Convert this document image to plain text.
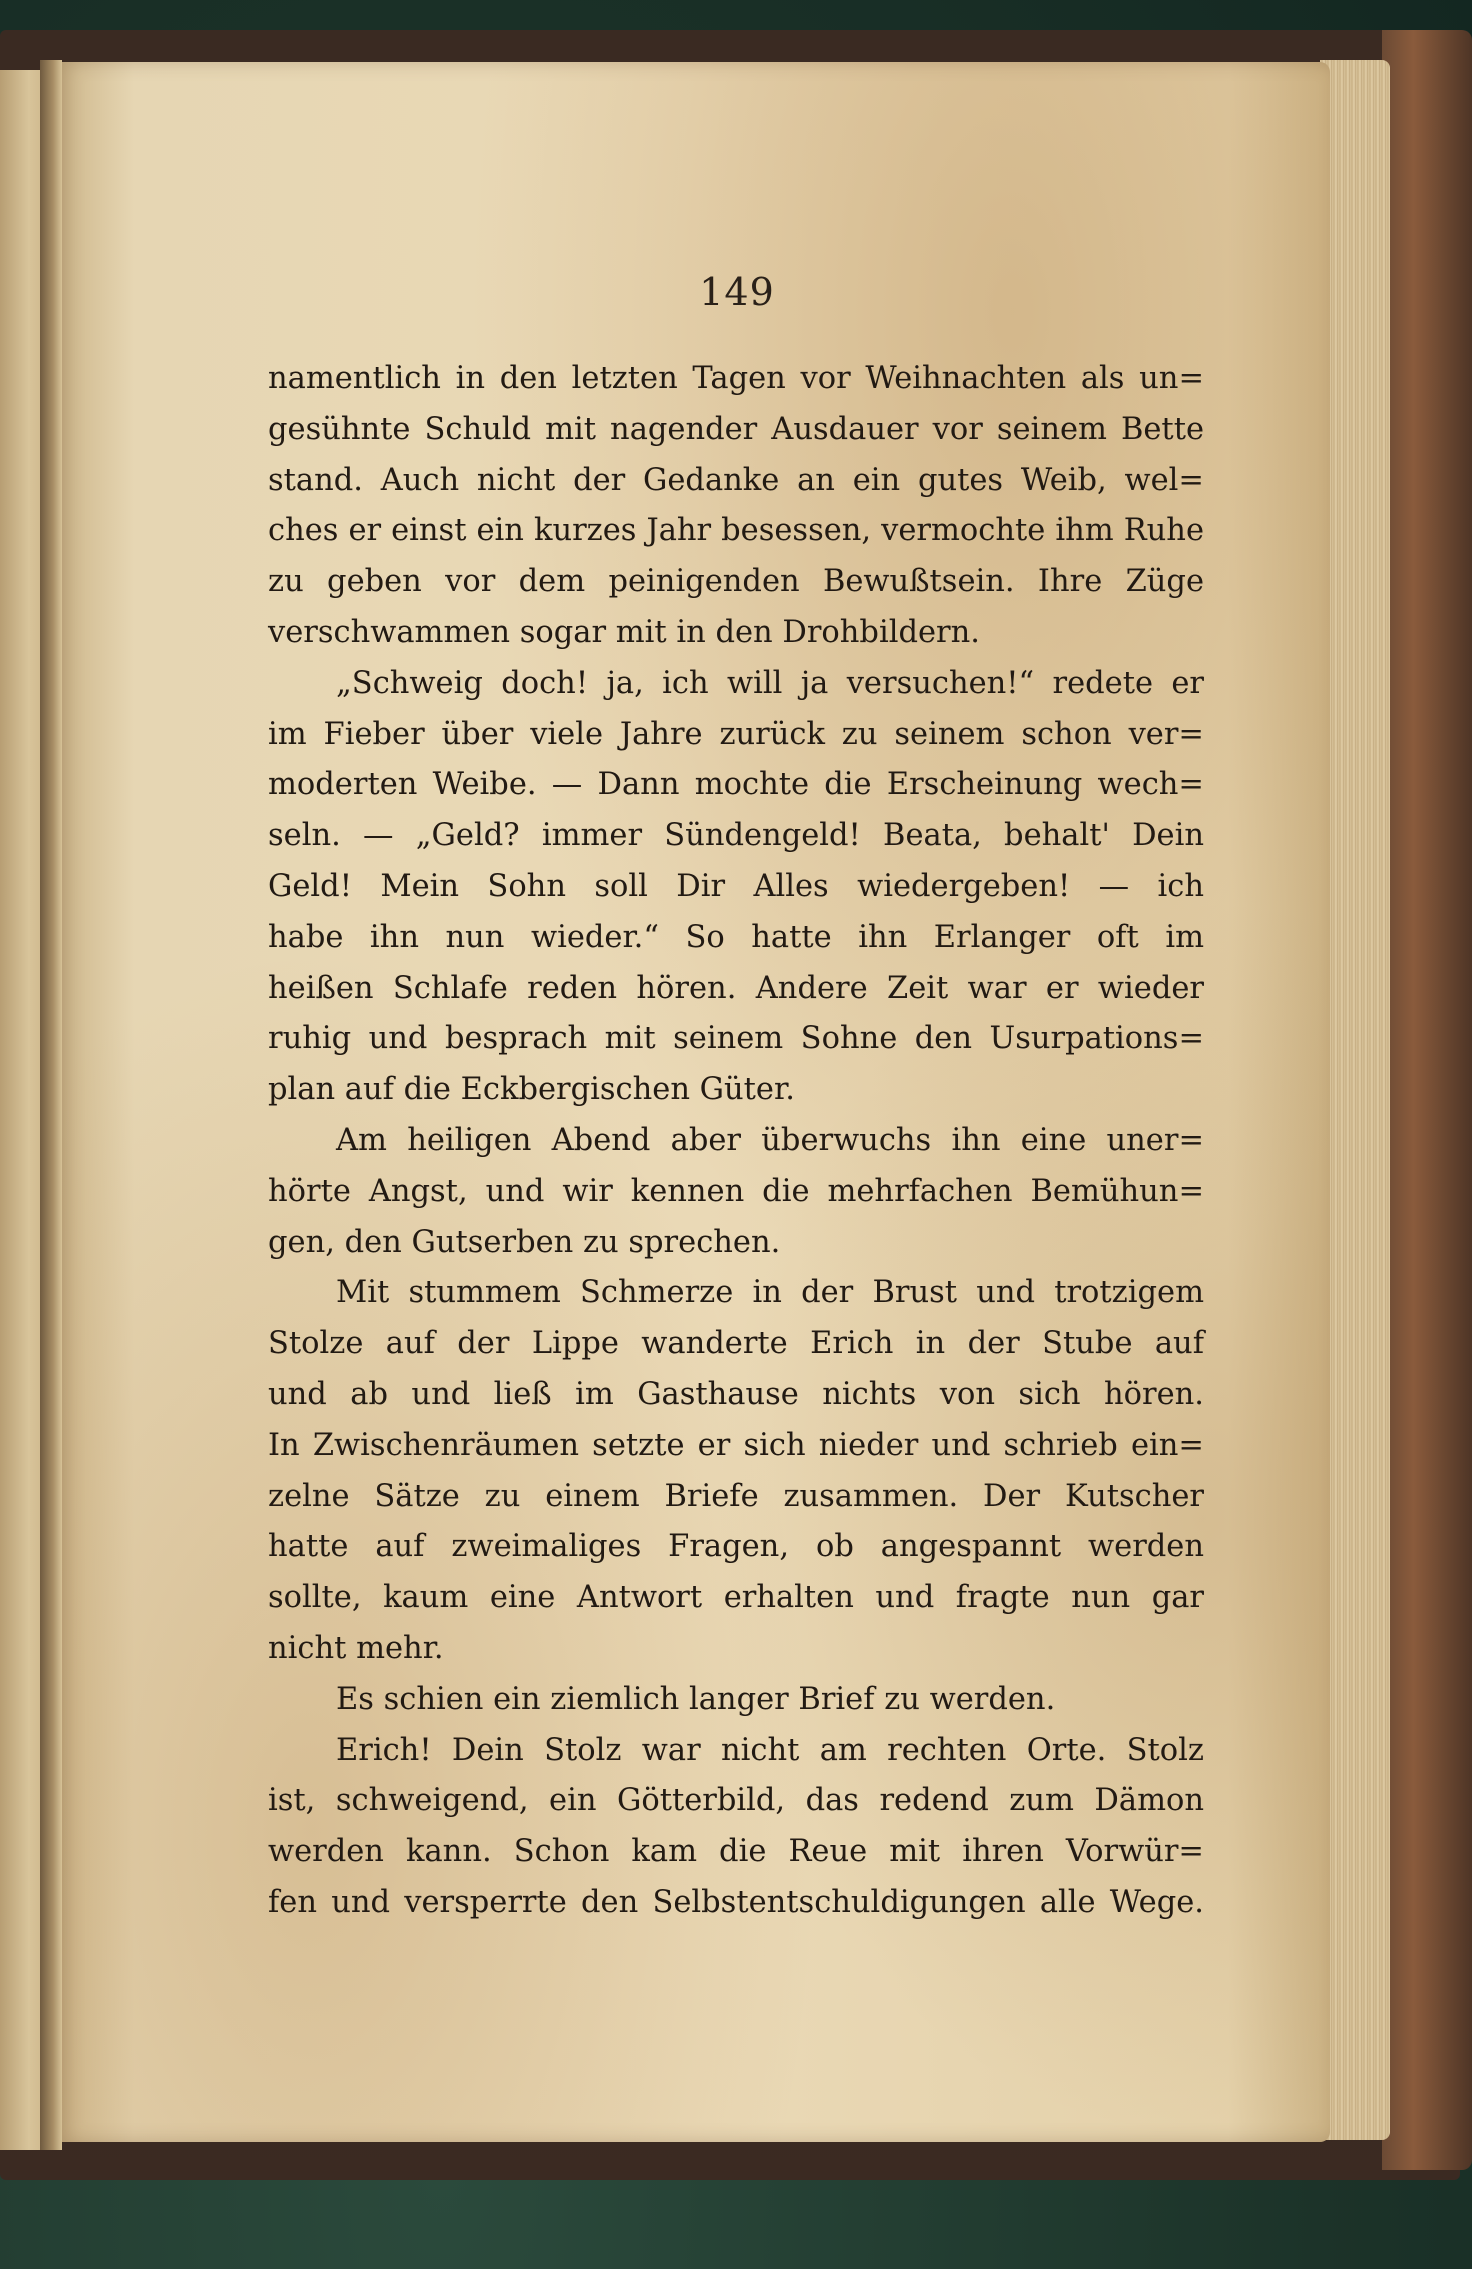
149
namentlich in den letzten Tagen vor Weihnachten als un=
gesühnte Schuld mit nagender Ausdauer vor seinem Bette
stand. Auch nicht der Gedanke an ein gutes Weib, wel=
ches er einst ein kurzes Jahr besessen, vermochte ihm Ruhe
zu geben vor dem peinigenden Bewußtsein. Ihre Züge
verschwammen sogar mit in den Drohbildern.
„Schweig doch! ja, ich will ja versuchen!“ redete er
im Fieber über viele Jahre zurück zu seinem schon ver=
moderten Weibe. — Dann mochte die Erscheinung wech=
seln. — „Geld? immer Sündengeld! Beata, behalt' Dein
Geld! Mein Sohn soll Dir Alles wiedergeben! — ich
habe ihn nun wieder.“ So hatte ihn Erlanger oft im
heißen Schlafe reden hören. Andere Zeit war er wieder
ruhig und besprach mit seinem Sohne den Usurpations=
plan auf die Eckbergischen Güter.
Am heiligen Abend aber überwuchs ihn eine uner=
hörte Angst, und wir kennen die mehrfachen Bemühun=
gen, den Gutserben zu sprechen.
Mit stummem Schmerze in der Brust und trotzigem
Stolze auf der Lippe wanderte Erich in der Stube auf
und ab und ließ im Gasthause nichts von sich hören.
In Zwischenräumen setzte er sich nieder und schrieb ein=
zelne Sätze zu einem Briefe zusammen. Der Kutscher
hatte auf zweimaliges Fragen, ob angespannt werden
sollte, kaum eine Antwort erhalten und fragte nun gar
nicht mehr.
Es schien ein ziemlich langer Brief zu werden.
Erich! Dein Stolz war nicht am rechten Orte. Stolz
ist, schweigend, ein Götterbild, das redend zum Dämon
werden kann. Schon kam die Reue mit ihren Vorwür=
fen und versperrte den Selbstentschuldigungen alle Wege.
